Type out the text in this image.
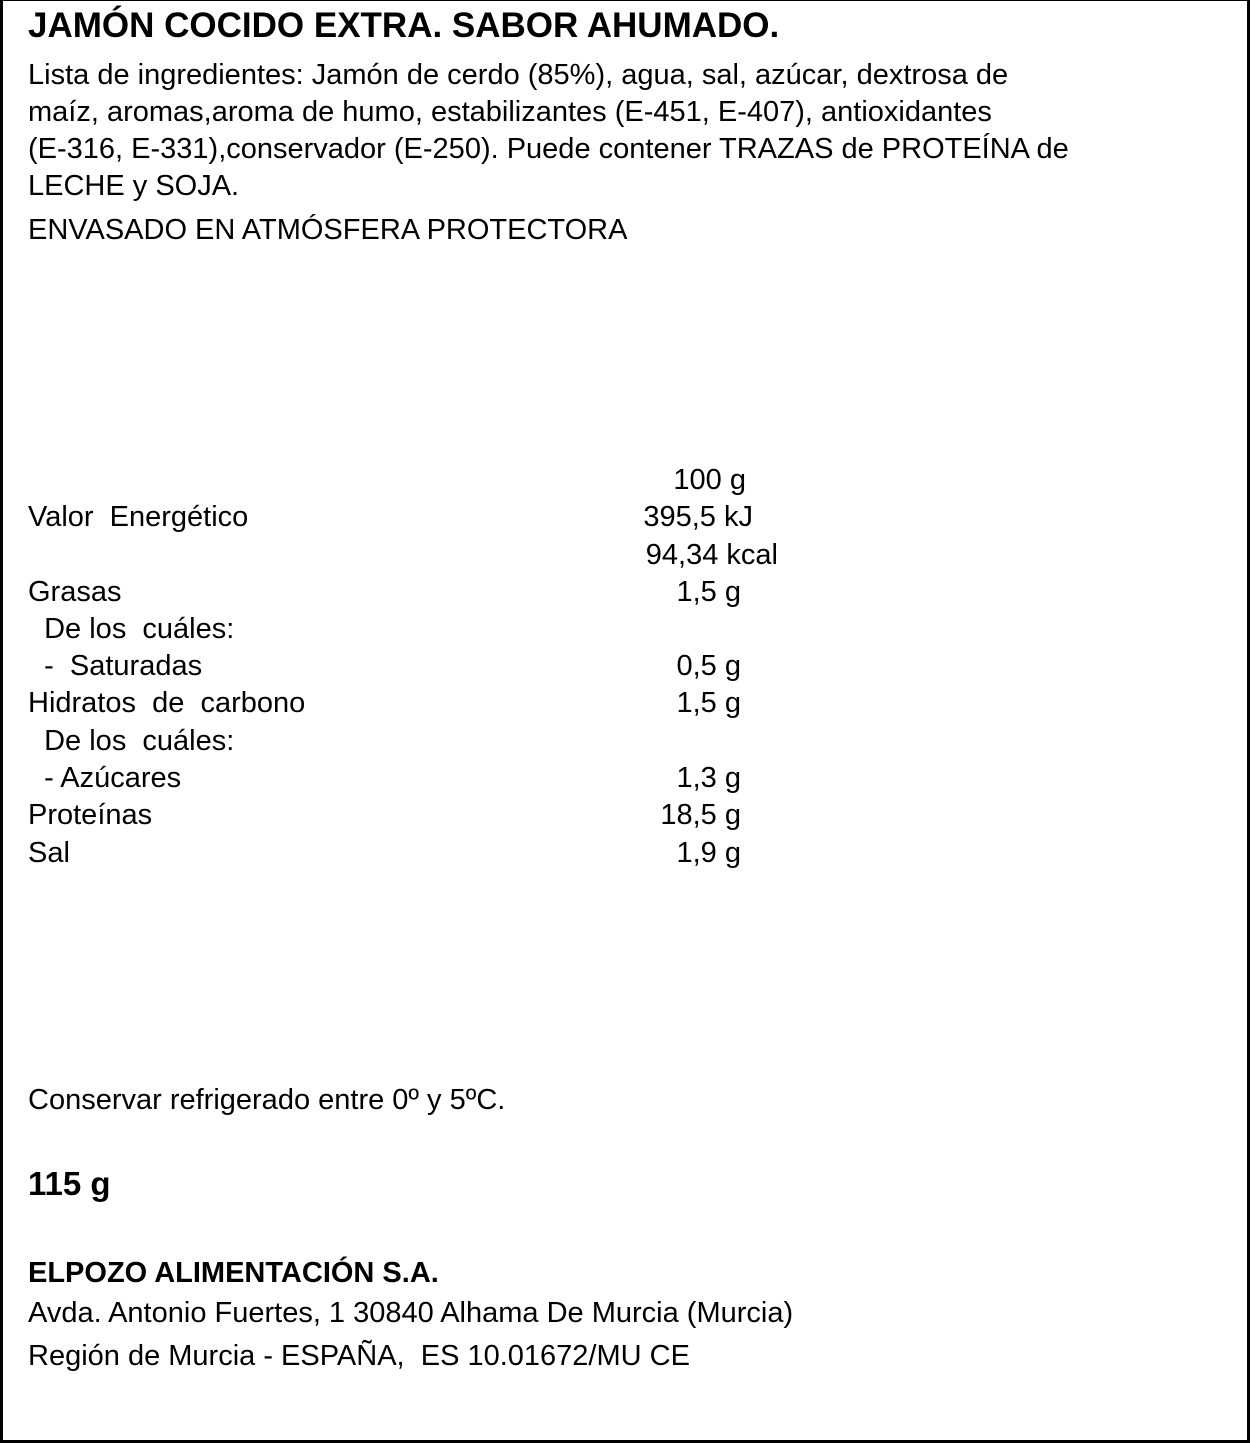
JAMÓN COCIDO EXTRA. SABOR AHUMADO.
Lista de ingredientes: Jamón de cerdo (85%), agua, sal, azúcar, dextrosa de
maíz, aromas,aroma de humo, estabilizantes (E-451, E-407), antioxidantes
(E-316, E-331),conservador (E-250). Puede contener TRAZAS de PROTEÍNA de
LECHE y SOJA.
ENVASADO EN ATMÓSFERA PROTECTORA
100 g
Valor  Energético	395,5 kJ
94,34 kcal
Grasas	1,5 g
De los  cuáles:
-  Saturadas	0,5 g
Hidratos  de  carbono	1,5 g
De los  cuáles:
- Azúcares	1,3 g
Proteínas	18,5 g
Sal	1,9 g
Conservar refrigerado entre 0º y 5ºC.
115 g
ELPOZO ALIMENTACIÓN S.A.
Avda. Antonio Fuertes, 1 30840 Alhama De Murcia (Murcia)
Región de Murcia - ESPAÑA,  ES 10.01672/MU CE
